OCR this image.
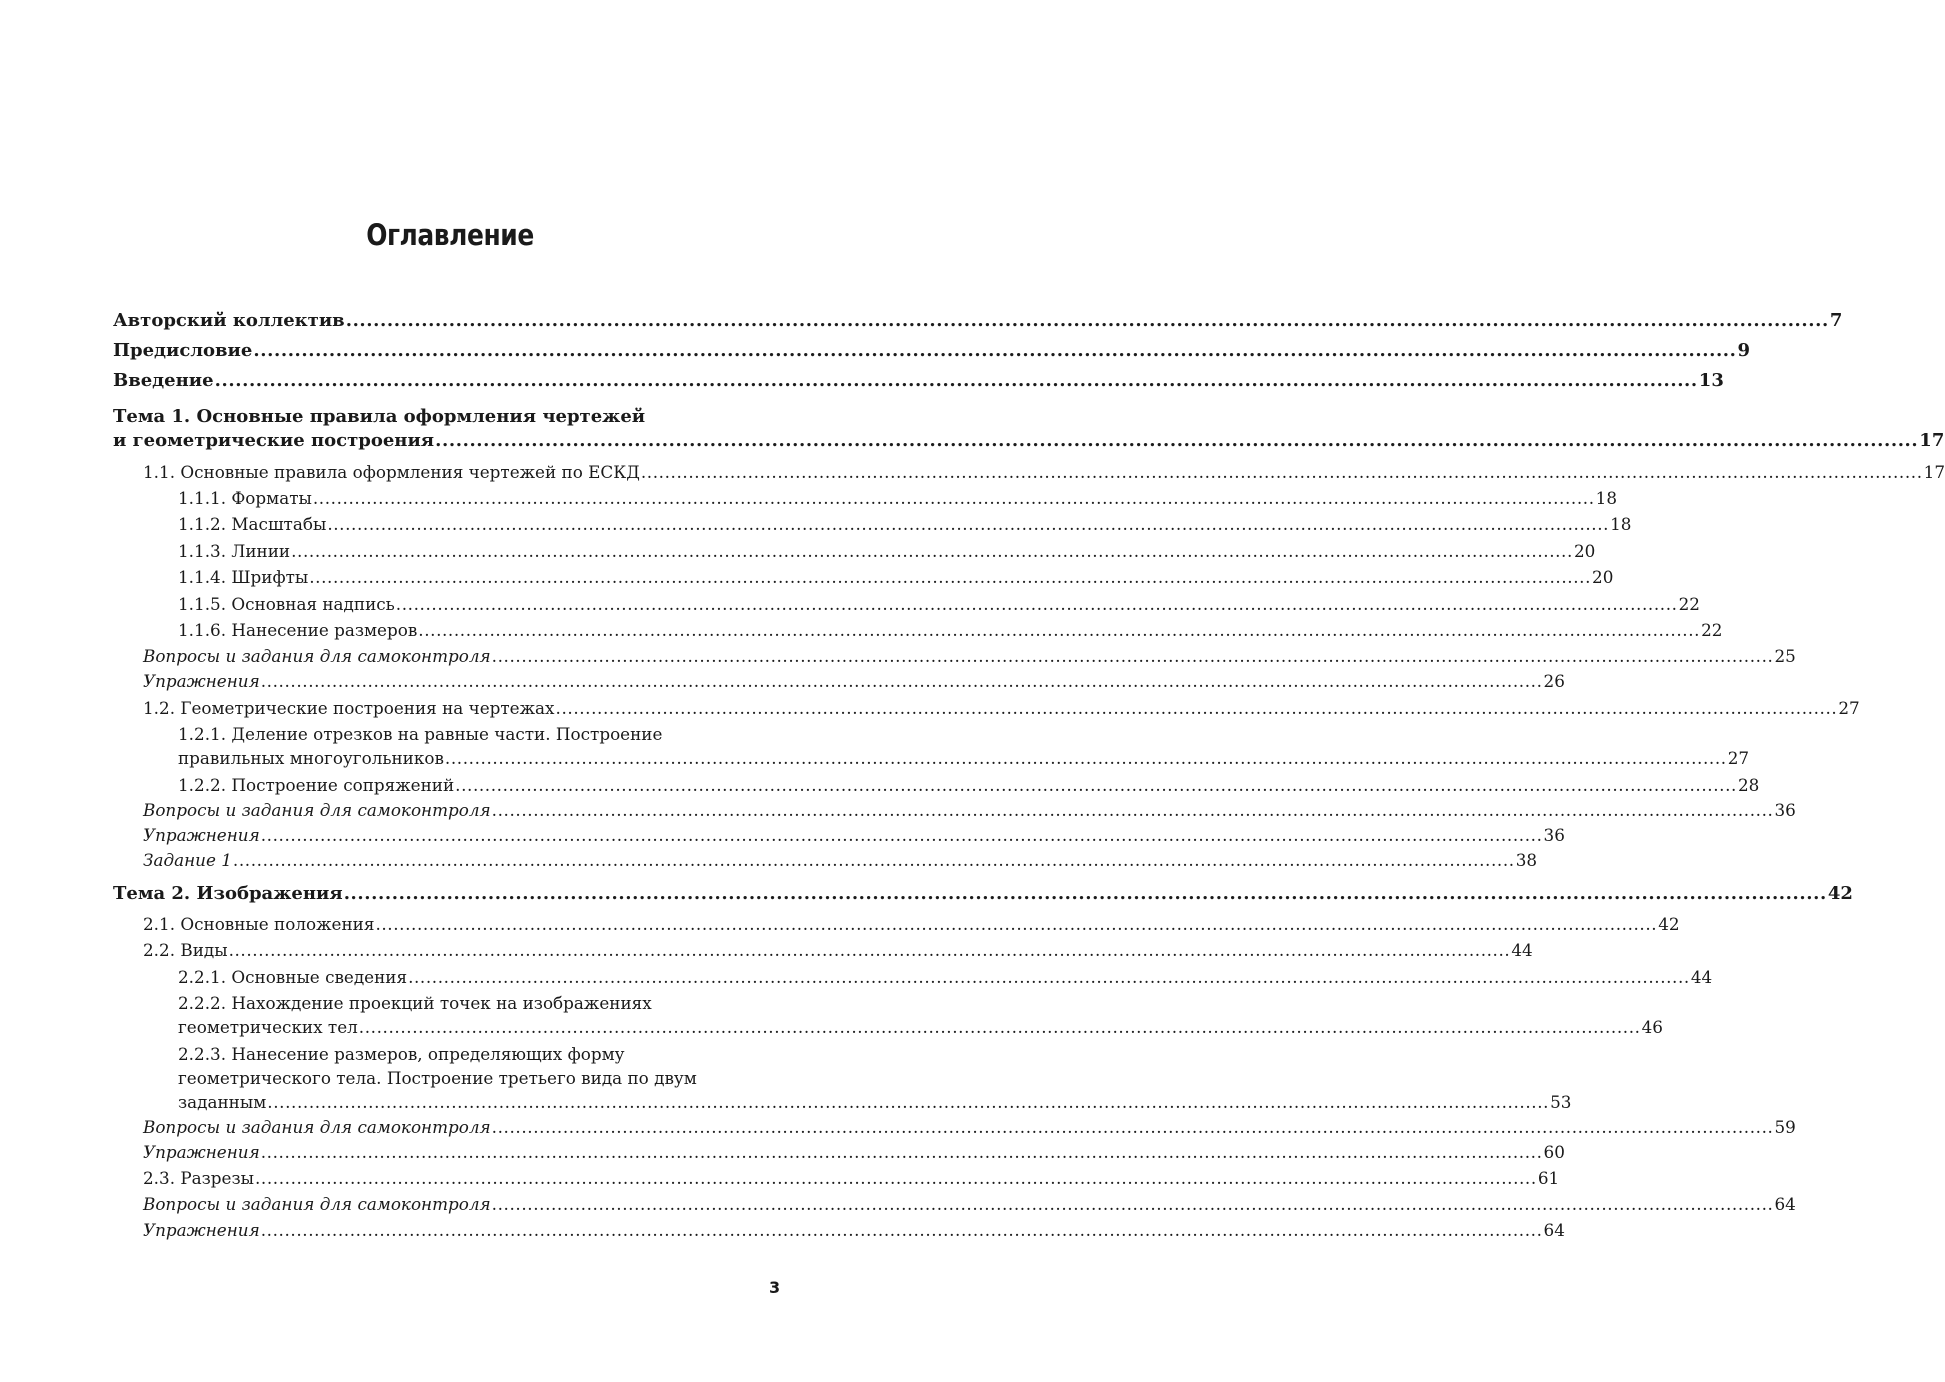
Оглавление
Авторский коллектив .....	7
Предисловие .....	9
Введение .....	13
Тема 1. Основные правила оформления чертежей
и геометрические построения .....	17
1.1. Основные правила оформления чертежей по ЕСКД .....	17
1.1.1. Форматы .....	18
1.1.2. Масштабы .....	18
1.1.3. Линии .....	20
1.1.4. Шрифты .....	20
1.1.5. Основная надпись .....	22
1.1.6. Нанесение размеров .....	22
Вопросы и задания для самоконтроля .....	25
Упражнения .....	26
1.2. Геометрические построения на чертежах .....	27
1.2.1. Деление отрезков на равные части. Построение
правильных многоугольников .....	27
1.2.2. Построение сопряжений .....	28
Вопросы и задания для самоконтроля .....	36
Упражнения .....	36
Задание 1 .....	38
Тема 2. Изображения .....	42
2.1. Основные положения .....	42
2.2. Виды .....	44
2.2.1. Основные сведения .....	44
2.2.2. Нахождение проекций точек на изображениях
геометрических тел .....	46
2.2.3. Нанесение размеров, определяющих форму
геометрического тела. Построение третьего вида по двум
заданным .....	53
Вопросы и задания для самоконтроля .....	59
Упражнения .....	60
2.3. Разрезы .....	61
Вопросы и задания для самоконтроля .....	64
Упражнения .....	64
3
